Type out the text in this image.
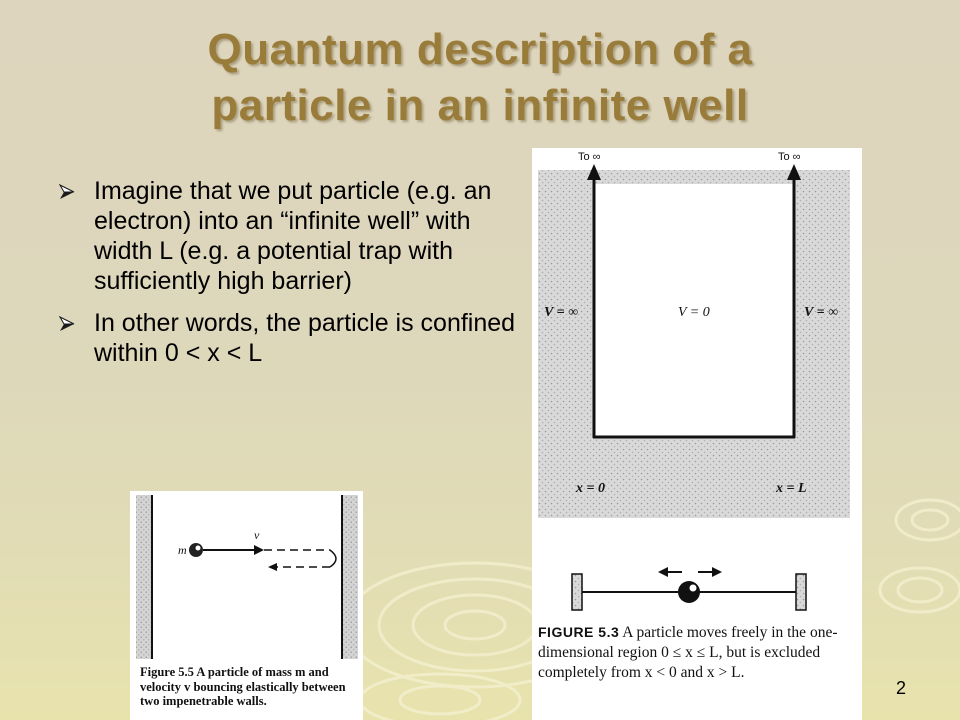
Quantum description of a
particle in an infinite well
Imagine that we put particle (e.g. an electron) into an “infinite well” with width L (e.g. a potential trap with sufficiently high barrier)
In other words, the particle is confined within 0 < x < L
To ∞	To ∞
V = ∞	V = 0	V = ∞
x = 0	x = L
FIGURE 5.3 A particle moves freely in the one-dimensional region 0 ≤ x ≤ L, but is excluded completely from x < 0 and x > L.
m
v
Figure 5.5 A particle of mass m and velocity v bouncing elastically between two impenetrable walls.
2
